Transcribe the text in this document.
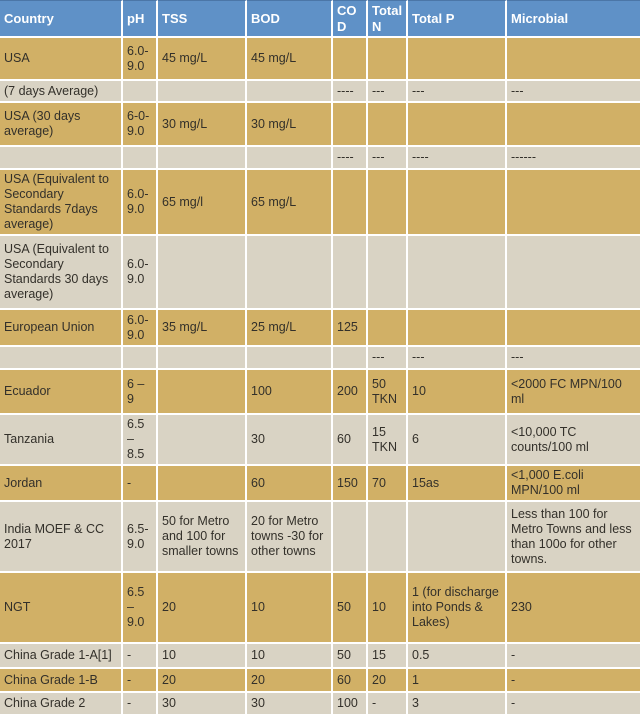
Country	pH	TSS	BOD	COD	Total N	Total P	Microbial
USA	6.0-9.0	45 mg/L	45 mg/L				
(7 days Average)				----	---	---	---
USA (30 days average)	6-0-9.0	30 mg/L	30 mg/L				
				----	---	----	------
USA (Equivalent to Secondary Standards 7days average)	6.0-9.0	65 mg/l	65 mg/L				
USA (Equivalent to Secondary Standards 30 days average)	6.0-9.0						
European Union	6.0-9.0	35 mg/L	25 mg/L	125			
					---	---	---
Ecuador	6 – 9		100	200	50 TKN	10	<2000 FC MPN/100 ml
Tanzania	6.5 – 8.5		30	60	15 TKN	6	<10,000 TC counts/100 ml
Jordan	-		60	150	70	15as	<1,000 E.coli MPN/100 ml
India MOEF & CC 2017	6.5-9.0	50 for Metro and 100 for smaller towns	20 for Metro towns -30 for other towns				Less than 100 for Metro Towns and less than 100o for other towns.
NGT	6.5 – 9.0	20	10	50	10	1 (for discharge into Ponds & Lakes)	230
China Grade 1-A[1]	-	10	10	50	15	0.5	-
China Grade 1-B	-	20	20	60	20	1	-
China Grade 2	-	30	30	100	-	3	-
